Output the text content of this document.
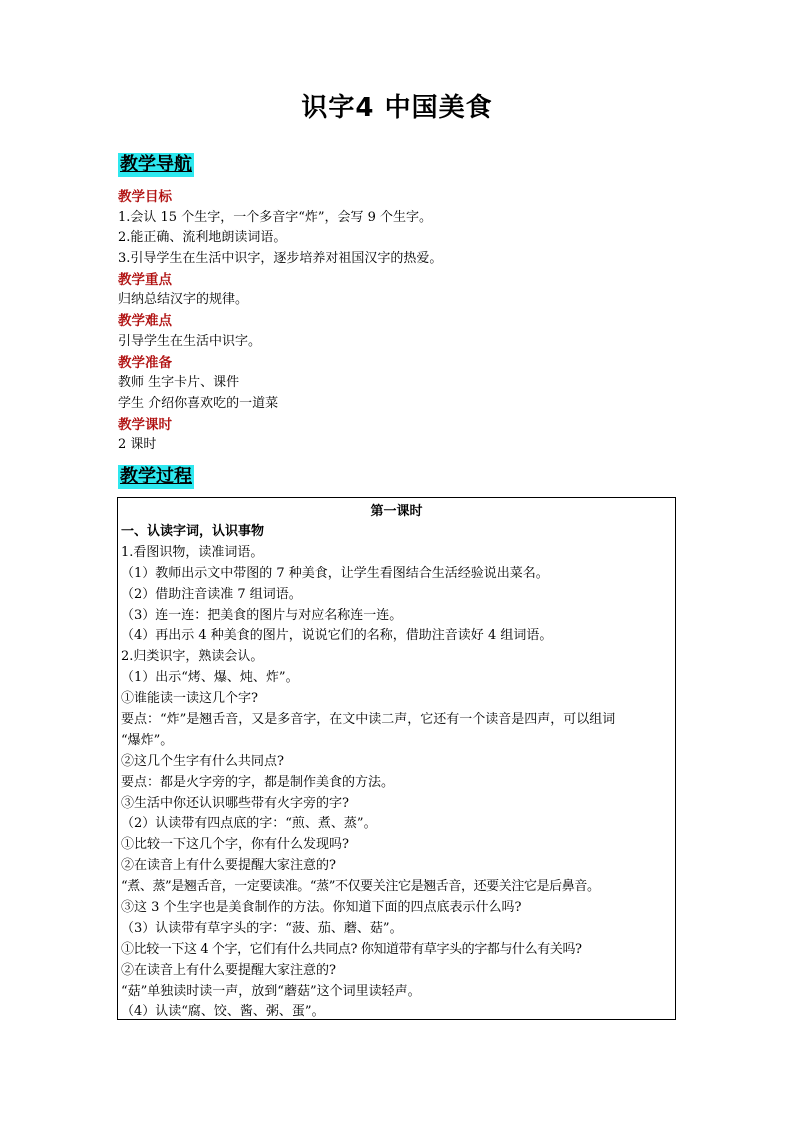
识字4 中国美食
教学导航
教学目标
1.会认 15 个生字，一个多音字“炸”，会写 9 个生字。
2.能正确、流利地朗读词语。
3.引导学生在生活中识字，逐步培养对祖国汉字的热爱。
教学重点
归纳总结汉字的规律。
教学难点
引导学生在生活中识字。
教学准备
教师 生字卡片、课件
学生 介绍你喜欢吃的一道菜
教学课时
2 课时
教学过程
第一课时
一、认读字词，认识事物
1.看图识物，读准词语。
（1）教师出示文中带图的 7 种美食，让学生看图结合生活经验说出菜名。
（2）借助注音读准 7 组词语。
（3）连一连：把美食的图片与对应名称连一连。
（4）再出示 4 种美食的图片，说说它们的名称，借助注音读好 4 组词语。
2.归类识字，熟读会认。
（1）出示“烤、爆、炖、炸”。
①谁能读一读这几个字?
要点：“炸”是翘舌音，又是多音字，在文中读二声，它还有一个读音是四声，可以组词
“爆炸”。
②这几个生字有什么共同点?
要点：都是火字旁的字，都是制作美食的方法。
③生活中你还认识哪些带有火字旁的字?
（2）认读带有四点底的字：“煎、煮、蒸”。
①比较一下这几个字，你有什么发现吗?
②在读音上有什么要提醒大家注意的?
“煮、蒸”是翘舌音，一定要读准。“蒸”不仅要关注它是翘舌音，还要关注它是后鼻音。
③这 3 个生字也是美食制作的方法。你知道下面的四点底表示什么吗?
（3）认读带有草字头的字：“菠、茄、蘑、菇”。
①比较一下这 4 个字，它们有什么共同点? 你知道带有草字头的字都与什么有关吗?
②在读音上有什么要提醒大家注意的?
“菇”单独读时读一声，放到“蘑菇”这个词里读轻声。
（4）认读“腐、饺、酱、粥、蛋”。
